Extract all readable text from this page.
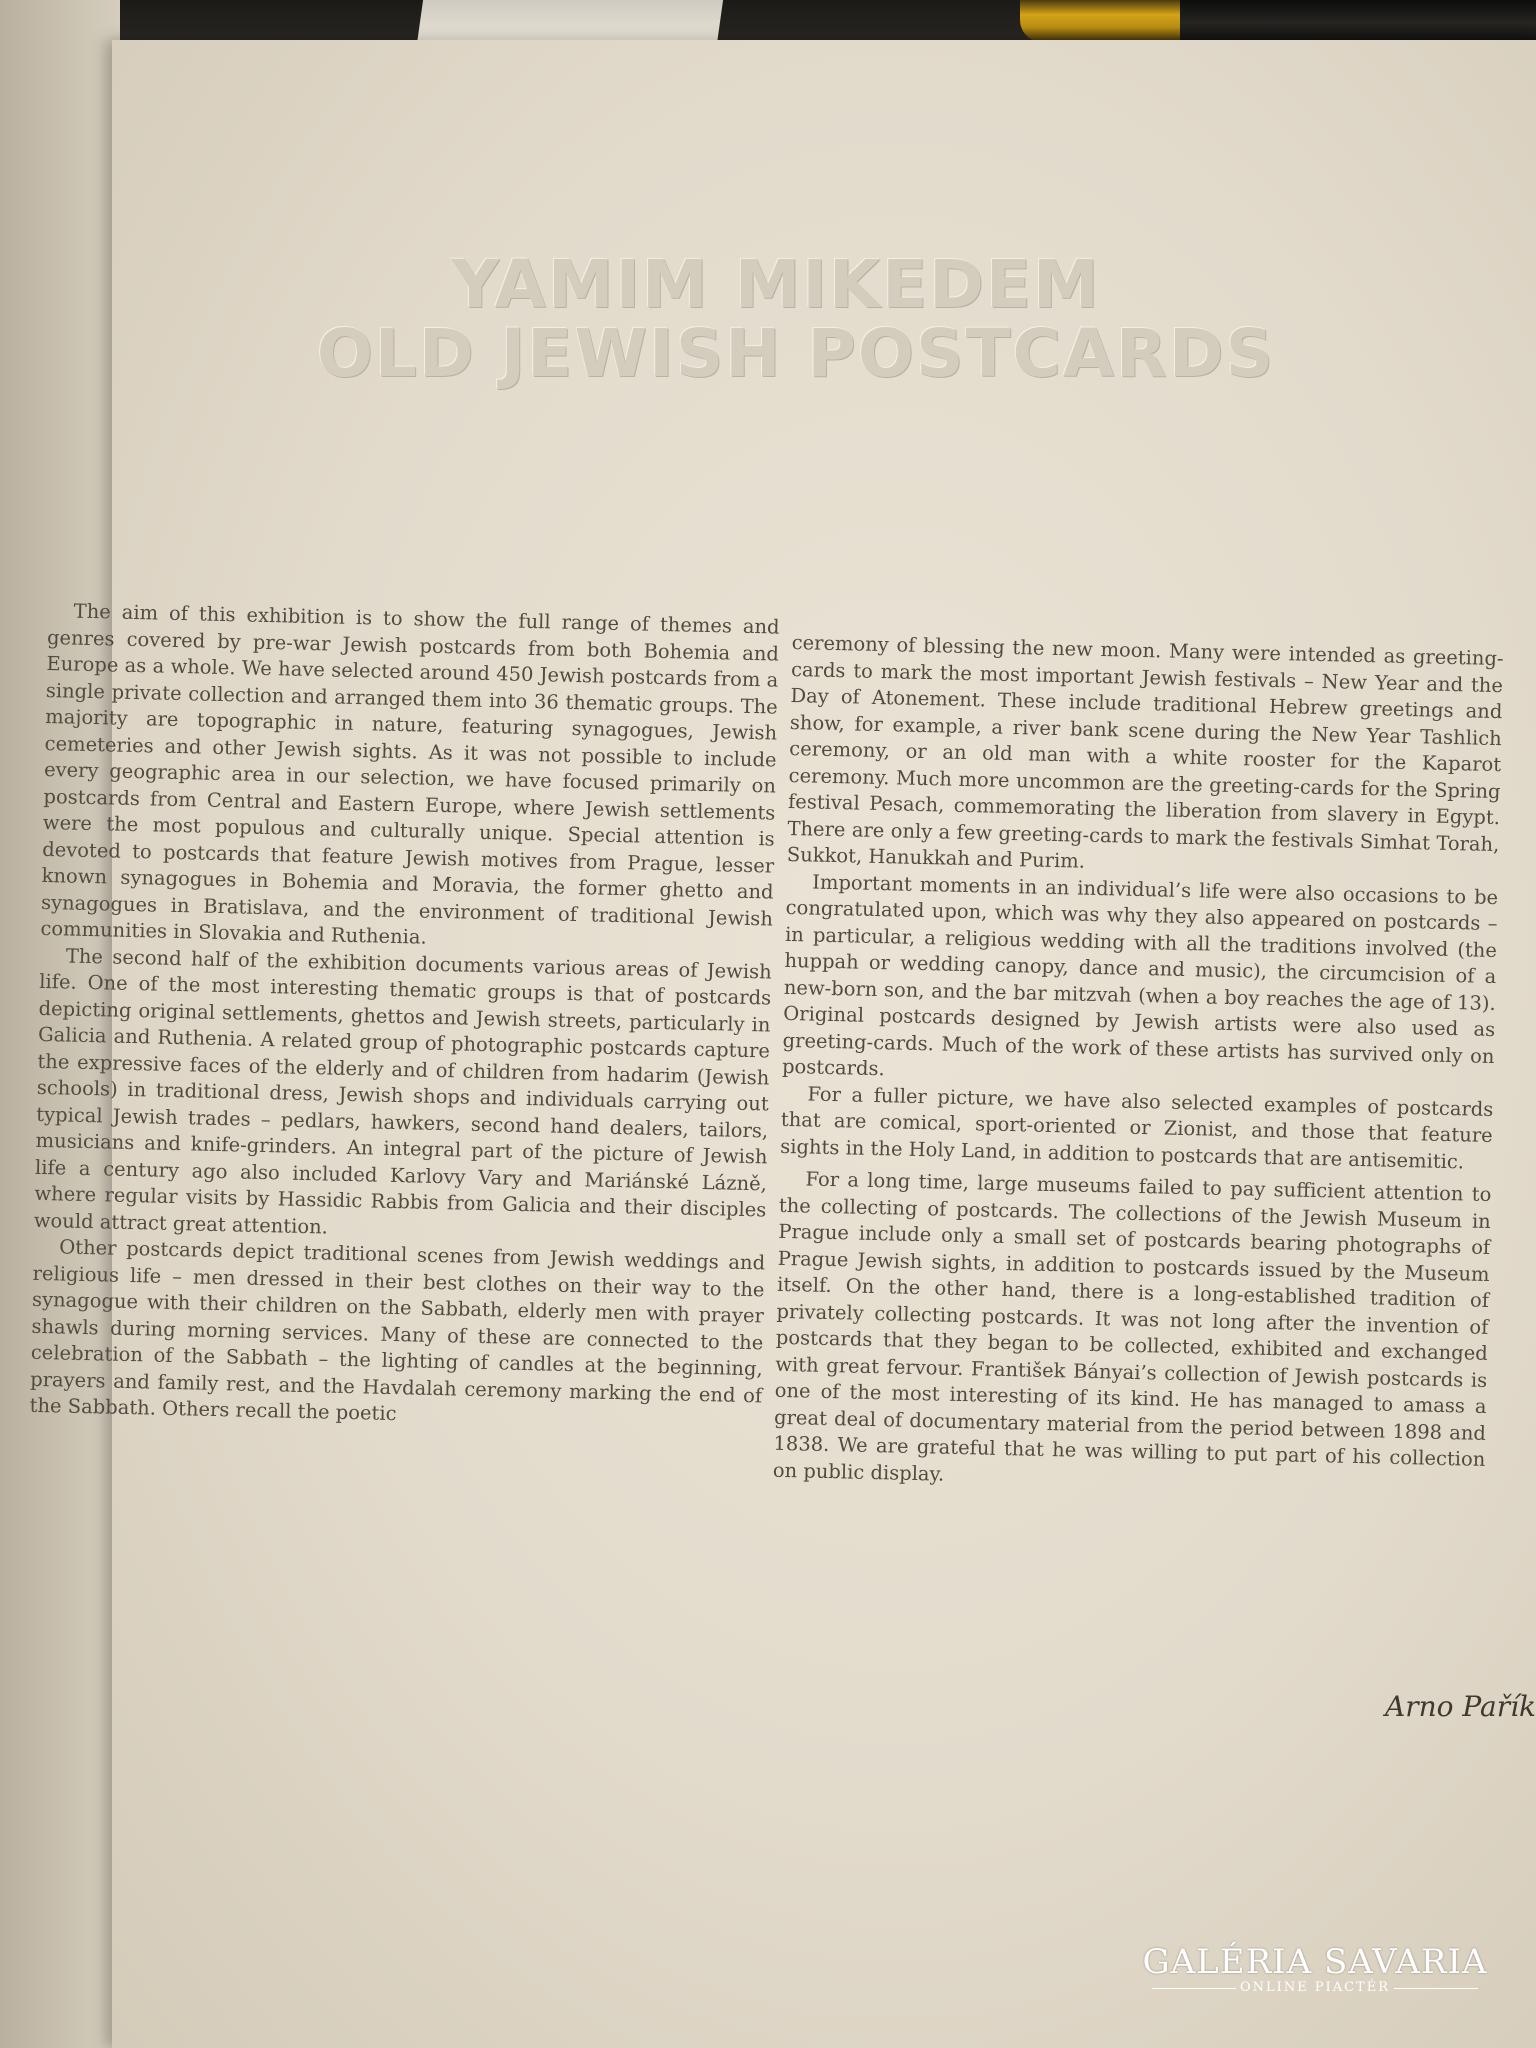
YAMIM MIKEDEM
OLD JEWISH POSTCARDS

The aim of this exhibition is to show the full range of themes and genres covered by pre-war Jewish postcards from both Bohemia and Europe as a whole. We have selected around 450 Jewish postcards from a single private collection and arranged them into 36 thematic groups. The majority are topographic in nature, featuring synagogues, Jewish cemeteries and other Jewish sights. As it was not possible to include every geographic area in our selection, we have focused primarily on postcards from Central and Eastern Europe, where Jewish settlements were the most populous and culturally unique. Special attention is devoted to postcards that feature Jewish motives from Prague, lesser known synagogues in Bohemia and Moravia, the former ghetto and synagogues in Bratislava, and the environment of traditional Jewish communities in Slovakia and Ruthenia.

The second half of the exhibition documents various areas of Jewish life. One of the most interesting thematic groups is that of postcards depicting original settlements, ghettos and Jewish streets, particularly in Galicia and Ruthenia. A related group of photographic postcards capture the expressive faces of the elderly and of children from hadarim (Jewish schools) in traditional dress, Jewish shops and individuals carrying out typical Jewish trades – pedlars, hawkers, second hand dealers, tailors, musicians and knife-grinders. An integral part of the picture of Jewish life a century ago also included Karlovy Vary and Mariánské Lázně, where regular visits by Hassidic Rabbis from Galicia and their disciples would attract great attention.

Other postcards depict traditional scenes from Jewish weddings and religious life – men dressed in their best clothes on their way to the synagogue with their children on the Sabbath, elderly men with prayer shawls during morning services. Many of these are connected to the celebration of the Sabbath – the lighting of candles at the beginning, prayers and family rest, and the Havdalah ceremony marking the end of the Sabbath. Others recall the poetic

ceremony of blessing the new moon. Many were intended as greeting-cards to mark the most important Jewish festivals – New Year and the Day of Atonement. These include traditional Hebrew greetings and show, for example, a river bank scene during the New Year Tashlich ceremony, or an old man with a white rooster for the Kaparot ceremony. Much more uncommon are the greeting-cards for the Spring festival Pesach, commemorating the liberation from slavery in Egypt. There are only a few greeting-cards to mark the festivals Simhat Torah, Sukkot, Hanukkah and Purim.

Important moments in an individual’s life were also occasions to be congratulated upon, which was why they also appeared on postcards – in particular, a religious wedding with all the traditions involved (the huppah or wedding canopy, dance and music), the circumcision of a new-born son, and the bar mitzvah (when a boy reaches the age of 13). Original postcards designed by Jewish artists were also used as greeting-cards. Much of the work of these artists has survived only on postcards.

For a fuller picture, we have also selected examples of postcards that are comical, sport-oriented or Zionist, and those that feature sights in the Holy Land, in addition to postcards that are antisemitic.

For a long time, large museums failed to pay sufficient attention to the collecting of postcards. The collections of the Jewish Museum in Prague include only a small set of postcards bearing photographs of Prague Jewish sights, in addition to postcards issued by the Museum itself. On the other hand, there is a long-established tradition of privately collecting postcards. It was not long after the invention of postcards that they began to be collected, exhibited and exchanged with great fervour. František Bányai’s collection of Jewish postcards is one of the most interesting of its kind. He has managed to amass a great deal of documentary material from the period between 1898 and 1838. We are grateful that he was willing to put part of his collection on public display.

Arno Pařík
GALÉRIA SAVARIA
ONLINE PIACTÉR
